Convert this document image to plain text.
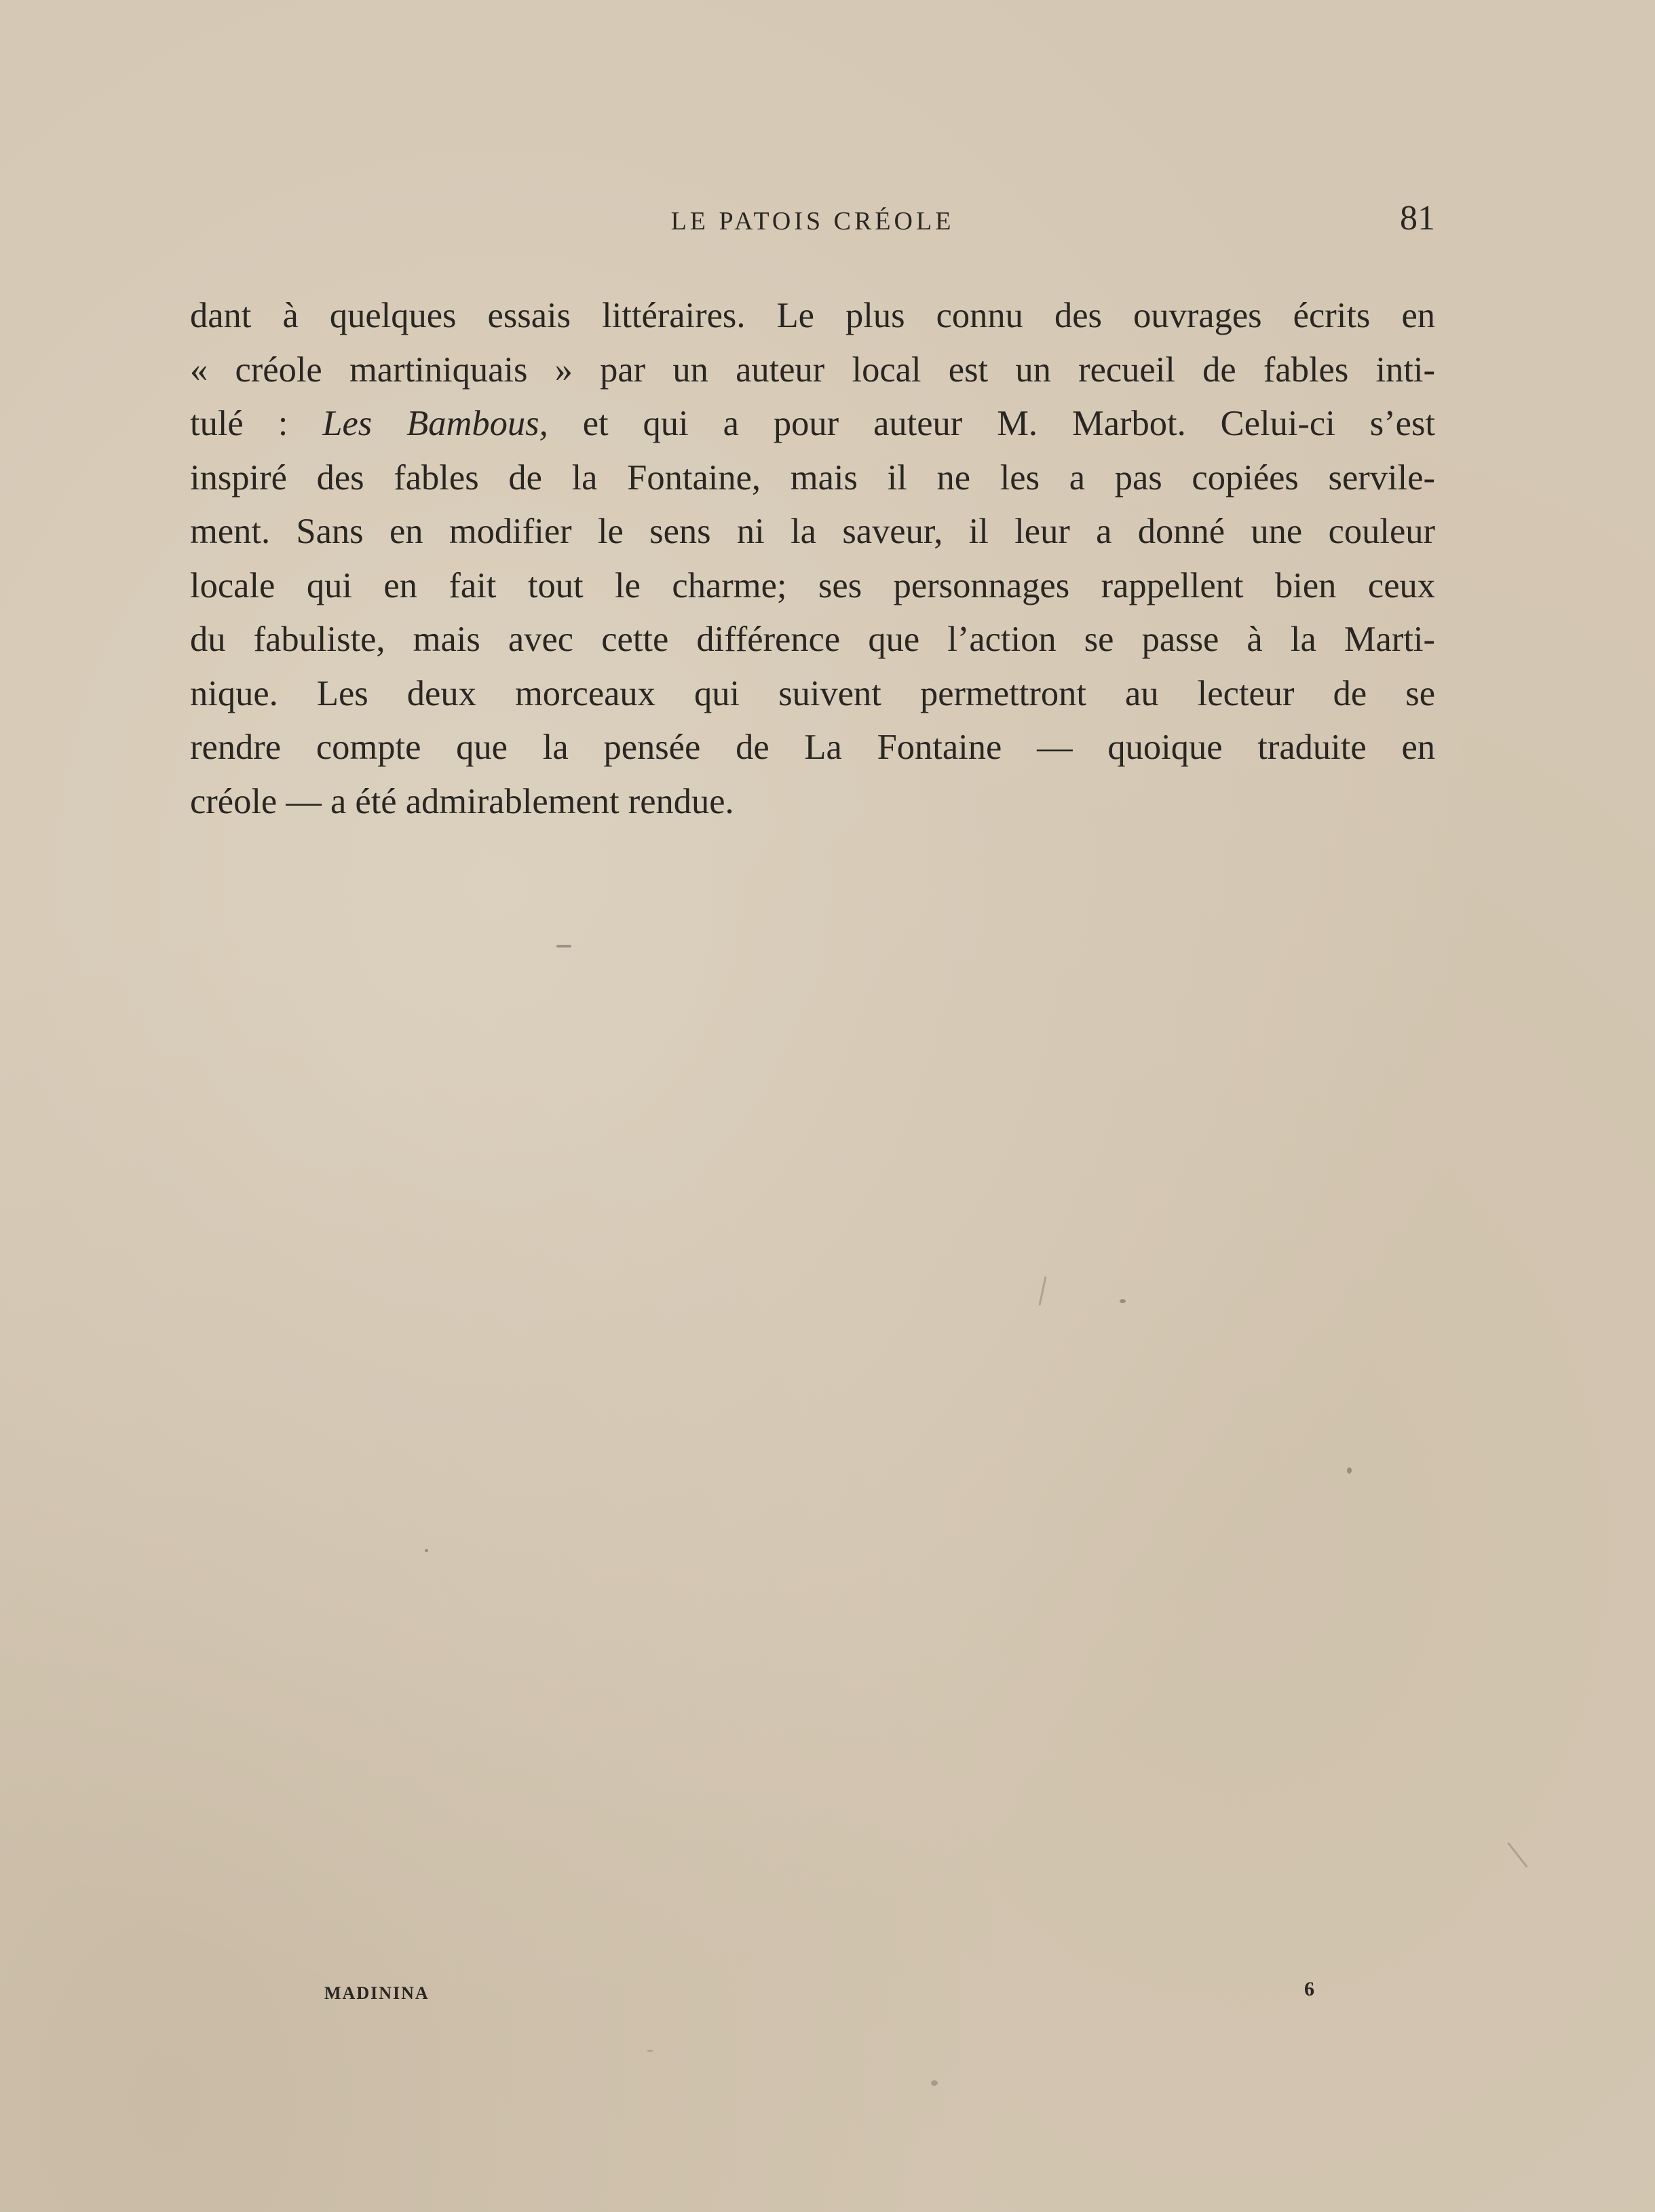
LE PATOIS CRÉOLE	81
dant à quelques essais littéraires. Le plus connu des ouvrages écrits en
« créole martiniquais » par un auteur local est un recueil de fables inti-
tulé : Les Bambous, et qui a pour auteur M. Marbot. Celui-ci s’est
inspiré des fables de la Fontaine, mais il ne les a pas copiées servile-
ment. Sans en modifier le sens ni la saveur, il leur a donné une couleur
locale qui en fait tout le charme; ses personnages rappellent bien ceux
du fabuliste, mais avec cette différence que l’action se passe à la Marti-
nique. Les deux morceaux qui suivent permettront au lecteur de se
rendre compte que la pensée de La Fontaine — quoique traduite en
créole — a été admirablement rendue.
MADININA	6
